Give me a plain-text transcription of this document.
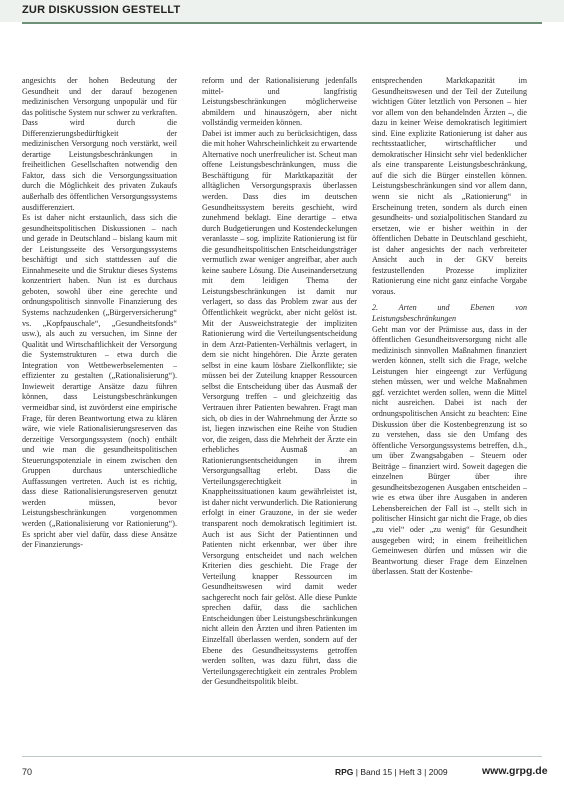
ZUR DISKUSSION GESTELLT

angesichts der hohen Bedeutung der Gesundheit und der darauf bezogenen medizinischen Versorgung unpopulär und für das politische System nur schwer zu verkraften. Dass wird durch die Differenzierungsbedürftigkeit der medizinischen Versorgung noch verstärkt, weil derartige Leistungsbeschränkungen in freiheitlichen Gesellschaften notwendig den Faktor, dass sich die Versorgungssituation durch die Möglichkeit des privaten Zukaufs außerhalb des öffentlichen Versorgungssystems ausdifferenziert.

Es ist daher nicht erstaunlich, dass sich die gesundheitspolitischen Diskussionen – nach und gerade in Deutschland – bislang kaum mit der Leistungsseite des Versorgungssystems beschäftigt und sich stattdessen auf die Einnahmeseite und die Struktur dieses Systems konzentriert haben. Nun ist es durchaus geboten, sowohl über eine gerechte und ordnungspolitisch sinnvolle Finanzierung des Systems nachzudenken („Bürgerversicherung“ vs. „Kopfpauschale“, „Gesundheitsfonds“ usw.), als auch zu versuchen, im Sinne der Qualität und Wirtschaftlichkeit der Versorgung die Systemstrukturen – etwa durch die Integration von Wettbewerbselementen – effizienter zu gestalten („Rationalisierung“). Inwieweit derartige Ansätze dazu führen können, dass Leistungsbeschränkungen vermeidbar sind, ist zuvörderst eine empirische Frage, für deren Beantwortung etwa zu klären wäre, wie viele Rationalisierungsreserven das derzeitige Versorgungssystem (noch) enthält und wie man die gesundheitspolitischen Steuerungspotenziale in einem zwischen den Gruppen durchaus unterschiedliche Auffassungen vertreten. Auch ist es richtig, dass diese Rationalisierungsreserven genutzt werden müssen, bevor Leistungsbeschränkungen vorgenommen werden („Rationalisierung vor Rationierung“). Es spricht aber viel dafür, dass diese Ansätze der Finanzierungs-

reform und der Rationalisierung jedenfalls mittel- und langfristig Leistungsbeschränkungen möglicherweise abmildern und hinauszögern, aber nicht vollständig vermeiden können.

Dabei ist immer auch zu berücksichtigen, dass die mit hoher Wahrscheinlichkeit zu erwartende Alternative noch unerfreulicher ist. Scheut man offene Leistungsbeschränkungen, muss die Beschäftigung für Marktkapazität der alltäglichen Versorgungspraxis überlassen werden. Dass dies im deutschen Gesundheitssystem bereits geschieht, wird zunehmend beklagt. Eine derartige – etwa durch Budgetierungen und Kostendeckelungen veranlasste – sog. implizite Rationierung ist für die gesundheitspolitischen Entscheidungsträger vermutlich zwar weniger angreifbar, aber auch keine saubere Lösung. Die Auseinandersetzung mit dem leidigen Thema der Leistungsbeschränkungen ist damit nur verlagert, so dass das Problem zwar aus der Öffentlichkeit wegrückt, aber nicht gelöst ist. Mit der Ausweichstrategie der impliziten Rationierung wird die Verteilungsentscheidung in dem Arzt-Patienten-Verhältnis verlagert, in dem sie nicht hingehören. Die Ärzte geraten selbst in eine kaum lösbare Zielkonflikte; sie müssen bei der Zuteilung knapper Ressourcen selbst die Entscheidung über das Ausmaß der Versorgung treffen – und gleichzeitig das Vertrauen ihrer Patienten bewahren. Fragt man sich, ob dies in der Wahrnehmung der Ärzte so ist, liegen inzwischen eine Reihe von Studien vor, die zeigen, dass die Mehrheit der Ärzte ein erhebliches Ausmaß an Rationierungsentscheidungen in ihrem Versorgungsalltag erlebt. Dass die Verteilungsgerechtigkeit in Knappheitssituationen kaum gewährleistet ist, ist daher nicht verwunderlich. Die Rationierung erfolgt in einer Grauzone, in der sie weder transparent noch demokratisch legitimiert ist. Auch ist aus Sicht der Patientinnen und Patienten nicht erkennbar, wer über ihre Versorgung entscheidet und nach welchen Kriterien dies geschieht. Die Frage der Verteilung knapper Ressourcen im Gesundheitswesen wird damit weder sachgerecht noch fair gelöst. Alle diese Punkte sprechen dafür, dass die sachlichen Entscheidungen über Leistungsbeschränkungen nicht allein den Ärzten und ihren Patienten im Einzelfall überlassen werden, sondern auf der Ebene des Gesundheitssystems getroffen werden sollten, was dazu führt, dass die Verteilungsgerechtigkeit ein zentrales Problem der Gesundheitspolitik bleibt.

entsprechenden Marktkapazität im Gesundheitswesen und der Teil der Zuteilung wichtigen Güter letztlich von Personen – hier vor allem von den behandelnden Ärzten –, die dazu in keiner Weise demokratisch legitimiert sind. Eine explizite Rationierung ist daher aus rechtsstaatlicher, wirtschaftlicher und demokratischer Hinsicht sehr viel bedenklicher als eine transparente Leistungsbeschränkung, auf die sich die Bürger einstellen können. Leistungsbeschränkungen sind vor allem dann, wenn sie nicht als „Rationierung“ in Erscheinung treten, sondern als durch einen gesundheits- und sozialpolitischen Standard zu ersetzen, wie er bisher weithin in der öffentlichen Debatte in Deutschland geschieht, ist daher angesichts der nach verbreiteter Ansicht auch in der GKV bereits festzustellenden Prozesse impliziter Rationierung eine nicht ganz einfache Vorgabe voraus.

2. Arten und Ebenen von Leistungsbeschränkungen

Geht man vor der Prämisse aus, dass in der öffentlichen Gesundheitsversorgung nicht alle medizinisch sinnvollen Maßnahmen finanziert werden können, stellt sich die Frage, welche Leistungen hier eingeengt zur Verfügung stehen müssen, wer und welche Maßnahmen ggf. verzichtet werden sollen, wenn die Mittel nicht ausreichen. Dabei ist nach der ordnungspolitischen Ansicht zu beachten: Eine Diskussion über die Kostenbegrenzung ist so zu verstehen, dass sie den Umfang des öffentliche Versorgungssystems betreffen, d.h., um über Zwangsabgaben – Steuern oder Beiträge – finanziert wird. Soweit dagegen die einzelnen Bürger über ihre gesundheitsbezogenen Ausgaben entscheiden – wie es etwa über ihre Ausgaben in anderen Lebensbereichen der Fall ist –, stellt sich in politischer Hinsicht gar nicht die Frage, ob dies „zu viel“ oder „zu wenig“ für Gesundheit ausgegeben wird; in einem freiheitlichen Gemeinwesen dürfen und müssen wir die Beantwortung dieser Frage dem Einzelnen überlassen. Statt der Kostenbe-

70	RPG | Band 15 | Heft 3 | 2009	www.grpg.de
